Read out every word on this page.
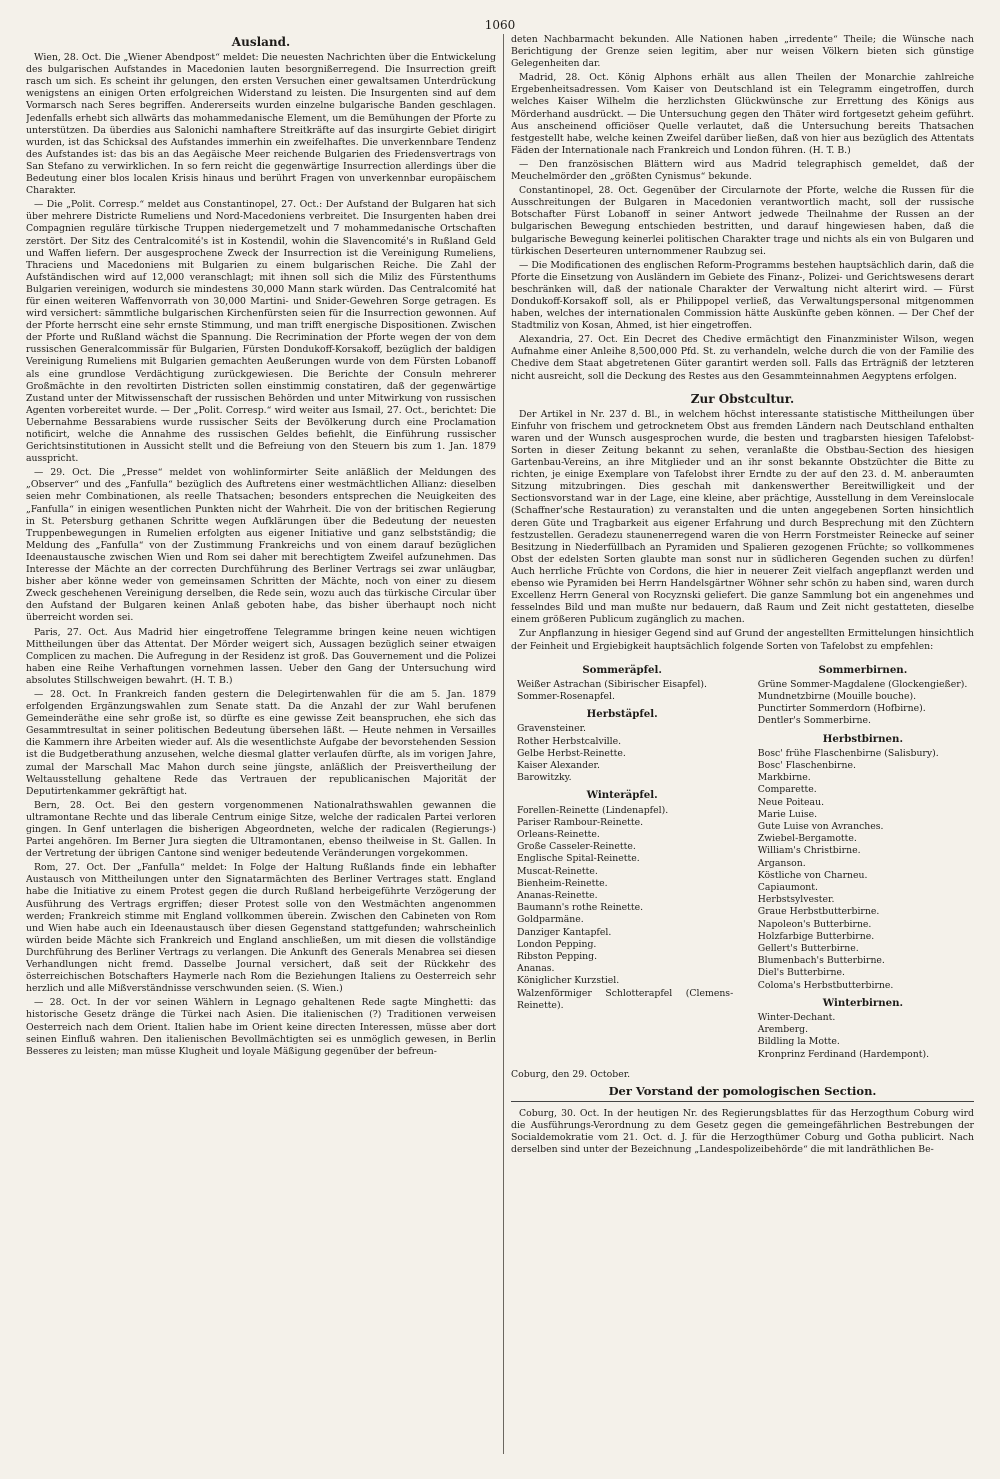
1060
Ausland.

Wien, 28. Oct. Die „Wiener Abendpost“ meldet: Die neuesten Nachrichten über die Entwickelung des bulgarischen Aufstandes in Macedonien lauten besorgnißerregend. Die Insurrection greift rasch um sich. Es scheint ihr gelungen, den ersten Versuchen einer gewaltsamen Unterdrückung wenigstens an einigen Orten erfolgreichen Widerstand zu leisten. Die Insurgenten sind auf dem Vormarsch nach Seres begriffen. Andererseits wurden einzelne bulgarische Banden geschlagen. Jedenfalls erhebt sich allwärts das mohammedanische Element, um die Bemühungen der Pforte zu unterstützen. Da überdies aus Salonichi namhaftere Streitkräfte auf das insurgirte Gebiet dirigirt wurden, ist das Schicksal des Aufstandes immerhin ein zweifelhaftes. Die unverkennbare Tendenz des Aufstandes ist: das bis an das Aegäische Meer reichende Bulgarien des Friedensvertrags von San Stefano zu verwirklichen. In so fern reicht die gegenwärtige Insurrection allerdings über die Bedeutung einer blos localen Krisis hinaus und berührt Fragen von unverkennbar europäischem Charakter.

— Die „Polit. Corresp.“ meldet aus Constantinopel, 27. Oct.: Der Aufstand der Bulgaren hat sich über mehrere Districte Rumeliens und Nord-Macedoniens verbreitet. Die Insurgenten haben drei Compagnien reguläre türkische Truppen niedergemetzelt und 7 mohammedanische Ortschaften zerstört. Der Sitz des Centralcomité's ist in Kostendil, wohin die Slavencomité's in Rußland Geld und Waffen liefern. Der ausgesprochene Zweck der Insurrection ist die Vereinigung Rumeliens, Thraciens und Macedoniens mit Bulgarien zu einem bulgarischen Reiche. Die Zahl der Aufständischen wird auf 12,000 veranschlagt; mit ihnen soll sich die Miliz des Fürstenthums Bulgarien vereinigen, wodurch sie mindestens 30,000 Mann stark würden. Das Centralcomité hat für einen weiteren Waffenvorrath von 30,000 Martini- und Snider-Gewehren Sorge getragen. Es wird versichert: sämmtliche bulgarischen Kirchenfürsten seien für die Insurrection gewonnen. Auf der Pforte herrscht eine sehr ernste Stimmung, und man trifft energische Dispositionen. Zwischen der Pforte und Rußland wächst die Spannung. Die Recrimination der Pforte wegen der von dem russischen Generalcommissär für Bulgarien, Fürsten Dondukoff-Korsakoff, bezüglich der baldigen Vereinigung Rumeliens mit Bulgarien gemachten Aeußerungen wurde von dem Fürsten Lobanoff als eine grundlose Verdächtigung zurückgewiesen. Die Berichte der Consuln mehrerer Großmächte in den revoltirten Districten sollen einstimmig constatiren, daß der gegenwärtige Zustand unter der Mitwissenschaft der russischen Behörden und unter Mitwirkung von russischen Agenten vorbereitet wurde. — Der „Polit. Corresp.“ wird weiter aus Ismail, 27. Oct., berichtet: Die Uebernahme Bessarabiens wurde russischer Seits der Bevölkerung durch eine Proclamation notificirt, welche die Annahme des russischen Geldes befiehlt, die Einführung russischer Gerichtsinstitutionen in Aussicht stellt und die Befreiung von den Steuern bis zum 1. Jan. 1879 ausspricht.

— 29. Oct. Die „Presse“ meldet von wohlinformirter Seite anläßlich der Meldungen des „Observer“ und des „Fanfulla“ bezüglich des Auftretens einer westmächtlichen Allianz: dieselben seien mehr Combinationen, als reelle Thatsachen; besonders entsprechen die Neuigkeiten des „Fanfulla“ in einigen wesentlichen Punkten nicht der Wahrheit. Die von der britischen Regierung in St. Petersburg gethanen Schritte wegen Aufklärungen über die Bedeutung der neuesten Truppenbewegungen in Rumelien erfolgten aus eigener Initiative und ganz selbstständig; die Meldung des „Fanfulla“ von der Zustimmung Frankreichs und von einem darauf bezüglichen Ideenaustausche zwischen Wien und Rom sei daher mit berechtigtem Zweifel aufzunehmen. Das Interesse der Mächte an der correcten Durchführung des Berliner Vertrags sei zwar unläugbar, bisher aber könne weder von gemeinsamen Schritten der Mächte, noch von einer zu diesem Zweck geschehenen Vereinigung derselben, die Rede sein, wozu auch das türkische Circular über den Aufstand der Bulgaren keinen Anlaß geboten habe, das bisher überhaupt noch nicht überreicht worden sei.

Paris, 27. Oct. Aus Madrid hier eingetroffene Telegramme bringen keine neuen wichtigen Mittheilungen über das Attentat. Der Mörder weigert sich, Aussagen bezüglich seiner etwaigen Complicen zu machen. Die Aufregung in der Residenz ist groß. Das Gouvernement und die Polizei haben eine Reihe Verhaftungen vornehmen lassen. Ueber den Gang der Untersuchung wird absolutes Stillschweigen bewahrt. (H. T. B.)

— 28. Oct. In Frankreich fanden gestern die Delegirtenwahlen für die am 5. Jan. 1879 erfolgenden Ergänzungswahlen zum Senate statt. Da die Anzahl der zur Wahl berufenen Gemeinderäthe eine sehr große ist, so dürfte es eine gewisse Zeit beanspruchen, ehe sich das Gesammtresultat in seiner politischen Bedeutung übersehen läßt. — Heute nehmen in Versailles die Kammern ihre Arbeiten wieder auf. Als die wesentlichste Aufgabe der bevorstehenden Session ist die Budgetberathung anzusehen, welche diesmal glatter verlaufen dürfte, als im vorigen Jahre, zumal der Marschall Mac Mahon durch seine jüngste, anläßlich der Preisvertheilung der Weltausstellung gehaltene Rede das Vertrauen der republicanischen Majorität der Deputirtenkammer gekräftigt hat.

Bern, 28. Oct. Bei den gestern vorgenommenen Nationalrathswahlen gewannen die ultramontane Rechte und das liberale Centrum einige Sitze, welche der radicalen Partei verloren gingen. In Genf unterlagen die bisherigen Abgeordneten, welche der radicalen (Regierungs-) Partei angehören. Im Berner Jura siegten die Ultramontanen, ebenso theilweise in St. Gallen. In der Vertretung der übrigen Cantone sind weniger bedeutende Veränderungen vorgekommen.

Rom, 27. Oct. Der „Fanfulla“ meldet: In Folge der Haltung Rußlands finde ein lebhafter Austausch von Mittheilungen unter den Signatarmächten des Berliner Vertrages statt. England habe die Initiative zu einem Protest gegen die durch Rußland herbeigeführte Verzögerung der Ausführung des Vertrags ergriffen; dieser Protest solle von den Westmächten angenommen werden; Frankreich stimme mit England vollkommen überein. Zwischen den Cabineten von Rom und Wien habe auch ein Ideenaustausch über diesen Gegenstand stattgefunden; wahrscheinlich würden beide Mächte sich Frankreich und England anschließen, um mit diesen die vollständige Durchführung des Berliner Vertrags zu verlangen. Die Ankunft des Generals Menabrea sei diesen Verhandlungen nicht fremd. Dasselbe Journal versichert, daß seit der Rückkehr des österreichischen Botschafters Haymerle nach Rom die Beziehungen Italiens zu Oesterreich sehr herzlich und alle Mißverständnisse verschwunden seien. (S. Wien.)

— 28. Oct. In der vor seinen Wählern in Legnago gehaltenen Rede sagte Minghetti: das historische Gesetz dränge die Türkei nach Asien. Die italienischen (?) Traditionen verweisen Oesterreich nach dem Orient. Italien habe im Orient keine directen Interessen, müsse aber dort seinen Einfluß wahren. Den italienischen Bevollmächtigten sei es unmöglich gewesen, in Berlin Besseres zu leisten; man müsse Klugheit und loyale Mäßigung gegenüber der befreun-

deten Nachbarmacht bekunden. Alle Nationen haben „irredente“ Theile; die Wünsche nach Berichtigung der Grenze seien legitim, aber nur weisen Völkern bieten sich günstige Gelegenheiten dar.

Madrid, 28. Oct. König Alphons erhält aus allen Theilen der Monarchie zahlreiche Ergebenheitsadressen. Vom Kaiser von Deutschland ist ein Telegramm eingetroffen, durch welches Kaiser Wilhelm die herzlichsten Glückwünsche zur Errettung des Königs aus Mörderhand ausdrückt. — Die Untersuchung gegen den Thäter wird fortgesetzt geheim geführt. Aus anscheinend officiöser Quelle verlautet, daß die Untersuchung bereits Thatsachen festgestellt habe, welche keinen Zweifel darüber ließen, daß von hier aus bezüglich des Attentats Fäden der Internationale nach Frankreich und London führen. (H. T. B.)

— Den französischen Blättern wird aus Madrid telegraphisch gemeldet, daß der Meuchelmörder den „größten Cynismus“ bekunde.

Constantinopel, 28. Oct. Gegenüber der Circularnote der Pforte, welche die Russen für die Ausschreitungen der Bulgaren in Macedonien verantwortlich macht, soll der russische Botschafter Fürst Lobanoff in seiner Antwort jedwede Theilnahme der Russen an der bulgarischen Bewegung entschieden bestritten, und darauf hingewiesen haben, daß die bulgarische Bewegung keinerlei politischen Charakter trage und nichts als ein von Bulgaren und türkischen Deserteuren unternommener Raubzug sei.

— Die Modificationen des englischen Reform-Programms bestehen hauptsächlich darin, daß die Pforte die Einsetzung von Ausländern im Gebiete des Finanz-, Polizei- und Gerichtswesens derart beschränken will, daß der nationale Charakter der Verwaltung nicht alterirt wird. — Fürst Dondukoff-Korsakoff soll, als er Philippopel verließ, das Verwaltungspersonal mitgenommen haben, welches der internationalen Commission hätte Auskünfte geben können. — Der Chef der Stadtmiliz von Kosan, Ahmed, ist hier eingetroffen.

Alexandria, 27. Oct. Ein Decret des Chedive ermächtigt den Finanzminister Wilson, wegen Aufnahme einer Anleihe 8,500,000 Pfd. St. zu verhandeln, welche durch die von der Familie des Chedive dem Staat abgetretenen Güter garantirt werden soll. Falls das Erträgniß der letzteren nicht ausreicht, soll die Deckung des Restes aus den Gesammteinnahmen Aegyptens erfolgen.

Zur Obstcultur.

Der Artikel in Nr. 237 d. Bl., in welchem höchst interessante statistische Mittheilungen über Einfuhr von frischem und getrocknetem Obst aus fremden Ländern nach Deutschland enthalten waren und der Wunsch ausgesprochen wurde, die besten und tragbarsten hiesigen Tafelobst-Sorten in dieser Zeitung bekannt zu sehen, veranlaßte die Obstbau-Section des hiesigen Gartenbau-Vereins, an ihre Mitglieder und an ihr sonst bekannte Obstzüchter die Bitte zu richten, je einige Exemplare von Tafelobst ihrer Erndte zu der auf den 23. d. M. anberaumten Sitzung mitzubringen. Dies geschah mit dankenswerther Bereitwilligkeit und der Sectionsvorstand war in der Lage, eine kleine, aber prächtige, Ausstellung in dem Vereinslocale (Schaffner'sche Restauration) zu veranstalten und die unten angegebenen Sorten hinsichtlich deren Güte und Tragbarkeit aus eigener Erfahrung und durch Besprechung mit den Züchtern festzustellen. Geradezu staunenerregend waren die von Herrn Forstmeister Reinecke auf seiner Besitzung in Niederfüllbach an Pyramiden und Spalieren gezogenen Früchte; so vollkommenes Obst der edelsten Sorten glaubte man sonst nur in südlicheren Gegenden suchen zu dürfen! Auch herrliche Früchte von Cordons, die hier in neuerer Zeit vielfach angepflanzt werden und ebenso wie Pyramiden bei Herrn Handelsgärtner Wöhner sehr schön zu haben sind, waren durch Excellenz Herrn General von Rocyznski geliefert. Die ganze Sammlung bot ein angenehmes und fesselndes Bild und man mußte nur bedauern, daß Raum und Zeit nicht gestatteten, dieselbe einem größeren Publicum zugänglich zu machen.

Zur Anpflanzung in hiesiger Gegend sind auf Grund der angestellten Ermittelungen hinsichtlich der Feinheit und Ergiebigkeit hauptsächlich folgende Sorten von Tafelobst zu empfehlen:

Sommeräpfel.
Weißer Astrachan (Sibirischer Eisapfel).
Sommer-Rosenapfel.
Herbstäpfel.
Gravensteiner.
Rother Herbstcalville.
Gelbe Herbst-Reinette.
Kaiser Alexander.
Barowitzky.
Winteräpfel.
Forellen-Reinette (Lindenapfel).
Pariser Rambour-Reinette.
Orleans-Reinette.
Große Casseler-Reinette.
Englische Spital-Reinette.
Muscat-Reinette.
Bienheim-Reinette.
Ananas-Reinette.
Baumann's rothe Reinette.
Goldparmäne.
Danziger Kantapfel.
London Pepping.
Ribston Pepping.
Ananas.
Königlicher Kurzstiel.
Walzenförmiger Schlotterapfel (Clemens-Reinette).
Sommerbirnen.
Grüne Sommer-Magdalene (Glockengießer).
Mundnetzbirne (Mouille bouche).
Punctirter Sommerdorn (Hofbirne).
Dentler's Sommerbirne.
Herbstbirnen.
Bosc' frühe Flaschenbirne (Salisbury).
Bosc' Flaschenbirne.
Markbirne.
Comparette.
Neue Poiteau.
Marie Luise.
Gute Luise von Avranches.
Zwiebel-Bergamotte.
William's Christbirne.
Arganson.
Köstliche von Charneu.
Capiaumont.
Herbstsylvester.
Graue Herbstbutterbirne.
Napoleon's Butterbirne.
Holzfarbige Butterbirne.
Gellert's Butterbirne.
Blumenbach's Butterbirne.
Diel's Butterbirne.
Coloma's Herbstbutterbirne.
Winterbirnen.
Winter-Dechant.
Aremberg.
Bildling la Motte.
Kronprinz Ferdinand (Hardempont).
Coburg, den 29. October.
Der Vorstand der pomologischen Section.

Coburg, 30. Oct. In der heutigen Nr. des Regierungsblattes für das Herzogthum Coburg wird die Ausführungs-Verordnung zu dem Gesetz gegen die gemeingefährlichen Bestrebungen der Socialdemokratie vom 21. Oct. d. J. für die Herzogthümer Coburg und Gotha publicirt. Nach derselben sind unter der Bezeichnung „Landespolizeibehörde“ die mit landräthlichen Be-
